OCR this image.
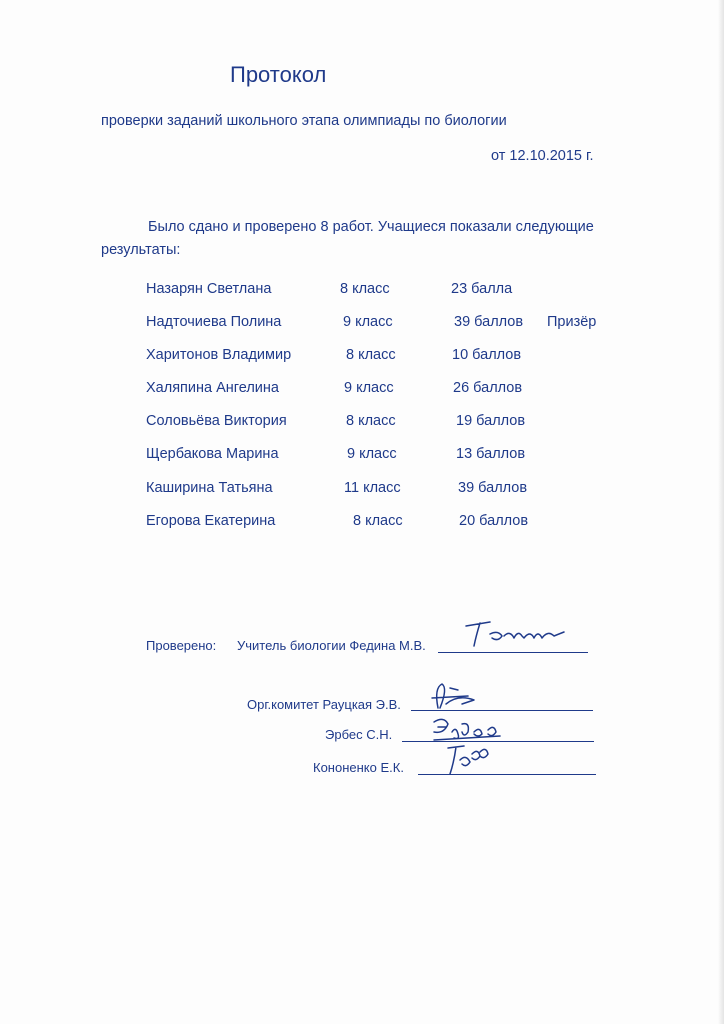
Протокол
проверки заданий школьного этапа олимпиады по биологии
от 12.10.2015 г.
Было сдано и проверено 8 работ. Учащиеся показали следующие
результаты:
Назарян Светлана	8 класс	23 балла
Надточиева Полина	9 класс	39 баллов Призёр
Харитонов Владимир	8 класс	10 баллов
Халяпина Ангелина	9 класс	26 баллов
Соловьёва Виктория	8 класс	19 баллов
Щербакова Марина	9 класс	13 баллов
Каширина Татьяна	11 класс	39 баллов
Егорова Екатерина	8 класс	20 баллов
Проверено: Учитель биологии Федина М.В.
Орг.комитет Рауцкая Э.В.
Эрбес С.Н.
Кононенко Е.К.
